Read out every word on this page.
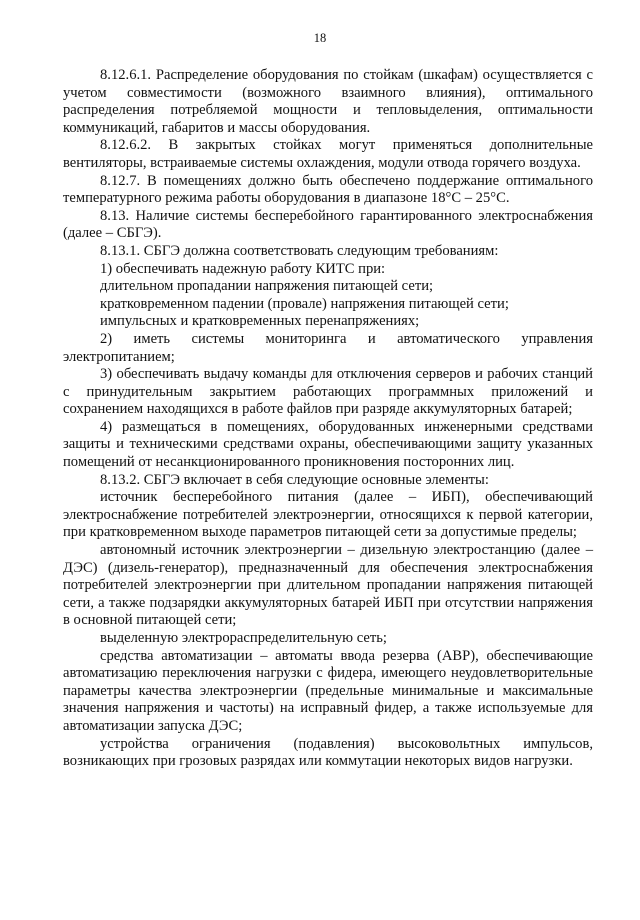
18

8.12.6.1. Распределение оборудования по стойкам (шкафам) осуществляется с учетом совместимости (возможного взаимного влияния), оптимального распределения потребляемой мощности и тепловыделения, оптимальности коммуникаций, габаритов и массы оборудования.

8.12.6.2. В закрытых стойках могут применяться дополнительные вентиляторы, встраиваемые системы охлаждения, модули отвода горячего воздуха.

8.12.7. В помещениях должно быть обеспечено поддержание оптимального температурного режима работы оборудования в диапазоне 18°С – 25°С.

8.13. Наличие системы бесперебойного гарантированного электроснабжения (далее – СБГЭ).

8.13.1. СБГЭ должна соответствовать следующим требованиям:

1) обеспечивать надежную работу КИТС при:

длительном пропадании напряжения питающей сети;

кратковременном падении (провале) напряжения питающей сети;

импульсных и кратковременных перенапряжениях;

2) иметь системы мониторинга и автоматического управления электропитанием;

3) обеспечивать выдачу команды для отключения серверов и рабочих станций с принудительным закрытием работающих программных приложений и сохранением находящихся в работе файлов при разряде аккумуляторных батарей;

4) размещаться в помещениях, оборудованных инженерными средствами защиты и техническими средствами охраны, обеспечивающими защиту указанных помещений от несанкционированного проникновения посторонних лиц.

8.13.2. СБГЭ включает в себя следующие основные элементы:

источник бесперебойного питания (далее – ИБП), обеспечивающий электроснабжение потребителей электроэнергии, относящихся к первой категории, при кратковременном выходе параметров питающей сети за допустимые пределы;

автономный источник электроэнергии – дизельную электростанцию (далее – ДЭС) (дизель-генератор), предназначенный для обеспечения электроснабжения потребителей электроэнергии при длительном пропадании напряжения питающей сети, а также подзарядки аккумуляторных батарей ИБП при отсутствии напряжения в основной питающей сети;

выделенную электрораспределительную сеть;

средства автоматизации – автоматы ввода резерва (АВР), обеспечивающие автоматизацию переключения нагрузки с фидера, имеющего неудовлетворительные параметры качества электроэнергии (предельные минимальные и максимальные значения напряжения и частоты) на исправный фидер, а также используемые для автоматизации запуска ДЭС;

устройства ограничения (подавления) высоковольтных импульсов, возникающих при грозовых разрядах или коммутации некоторых видов нагрузки.
